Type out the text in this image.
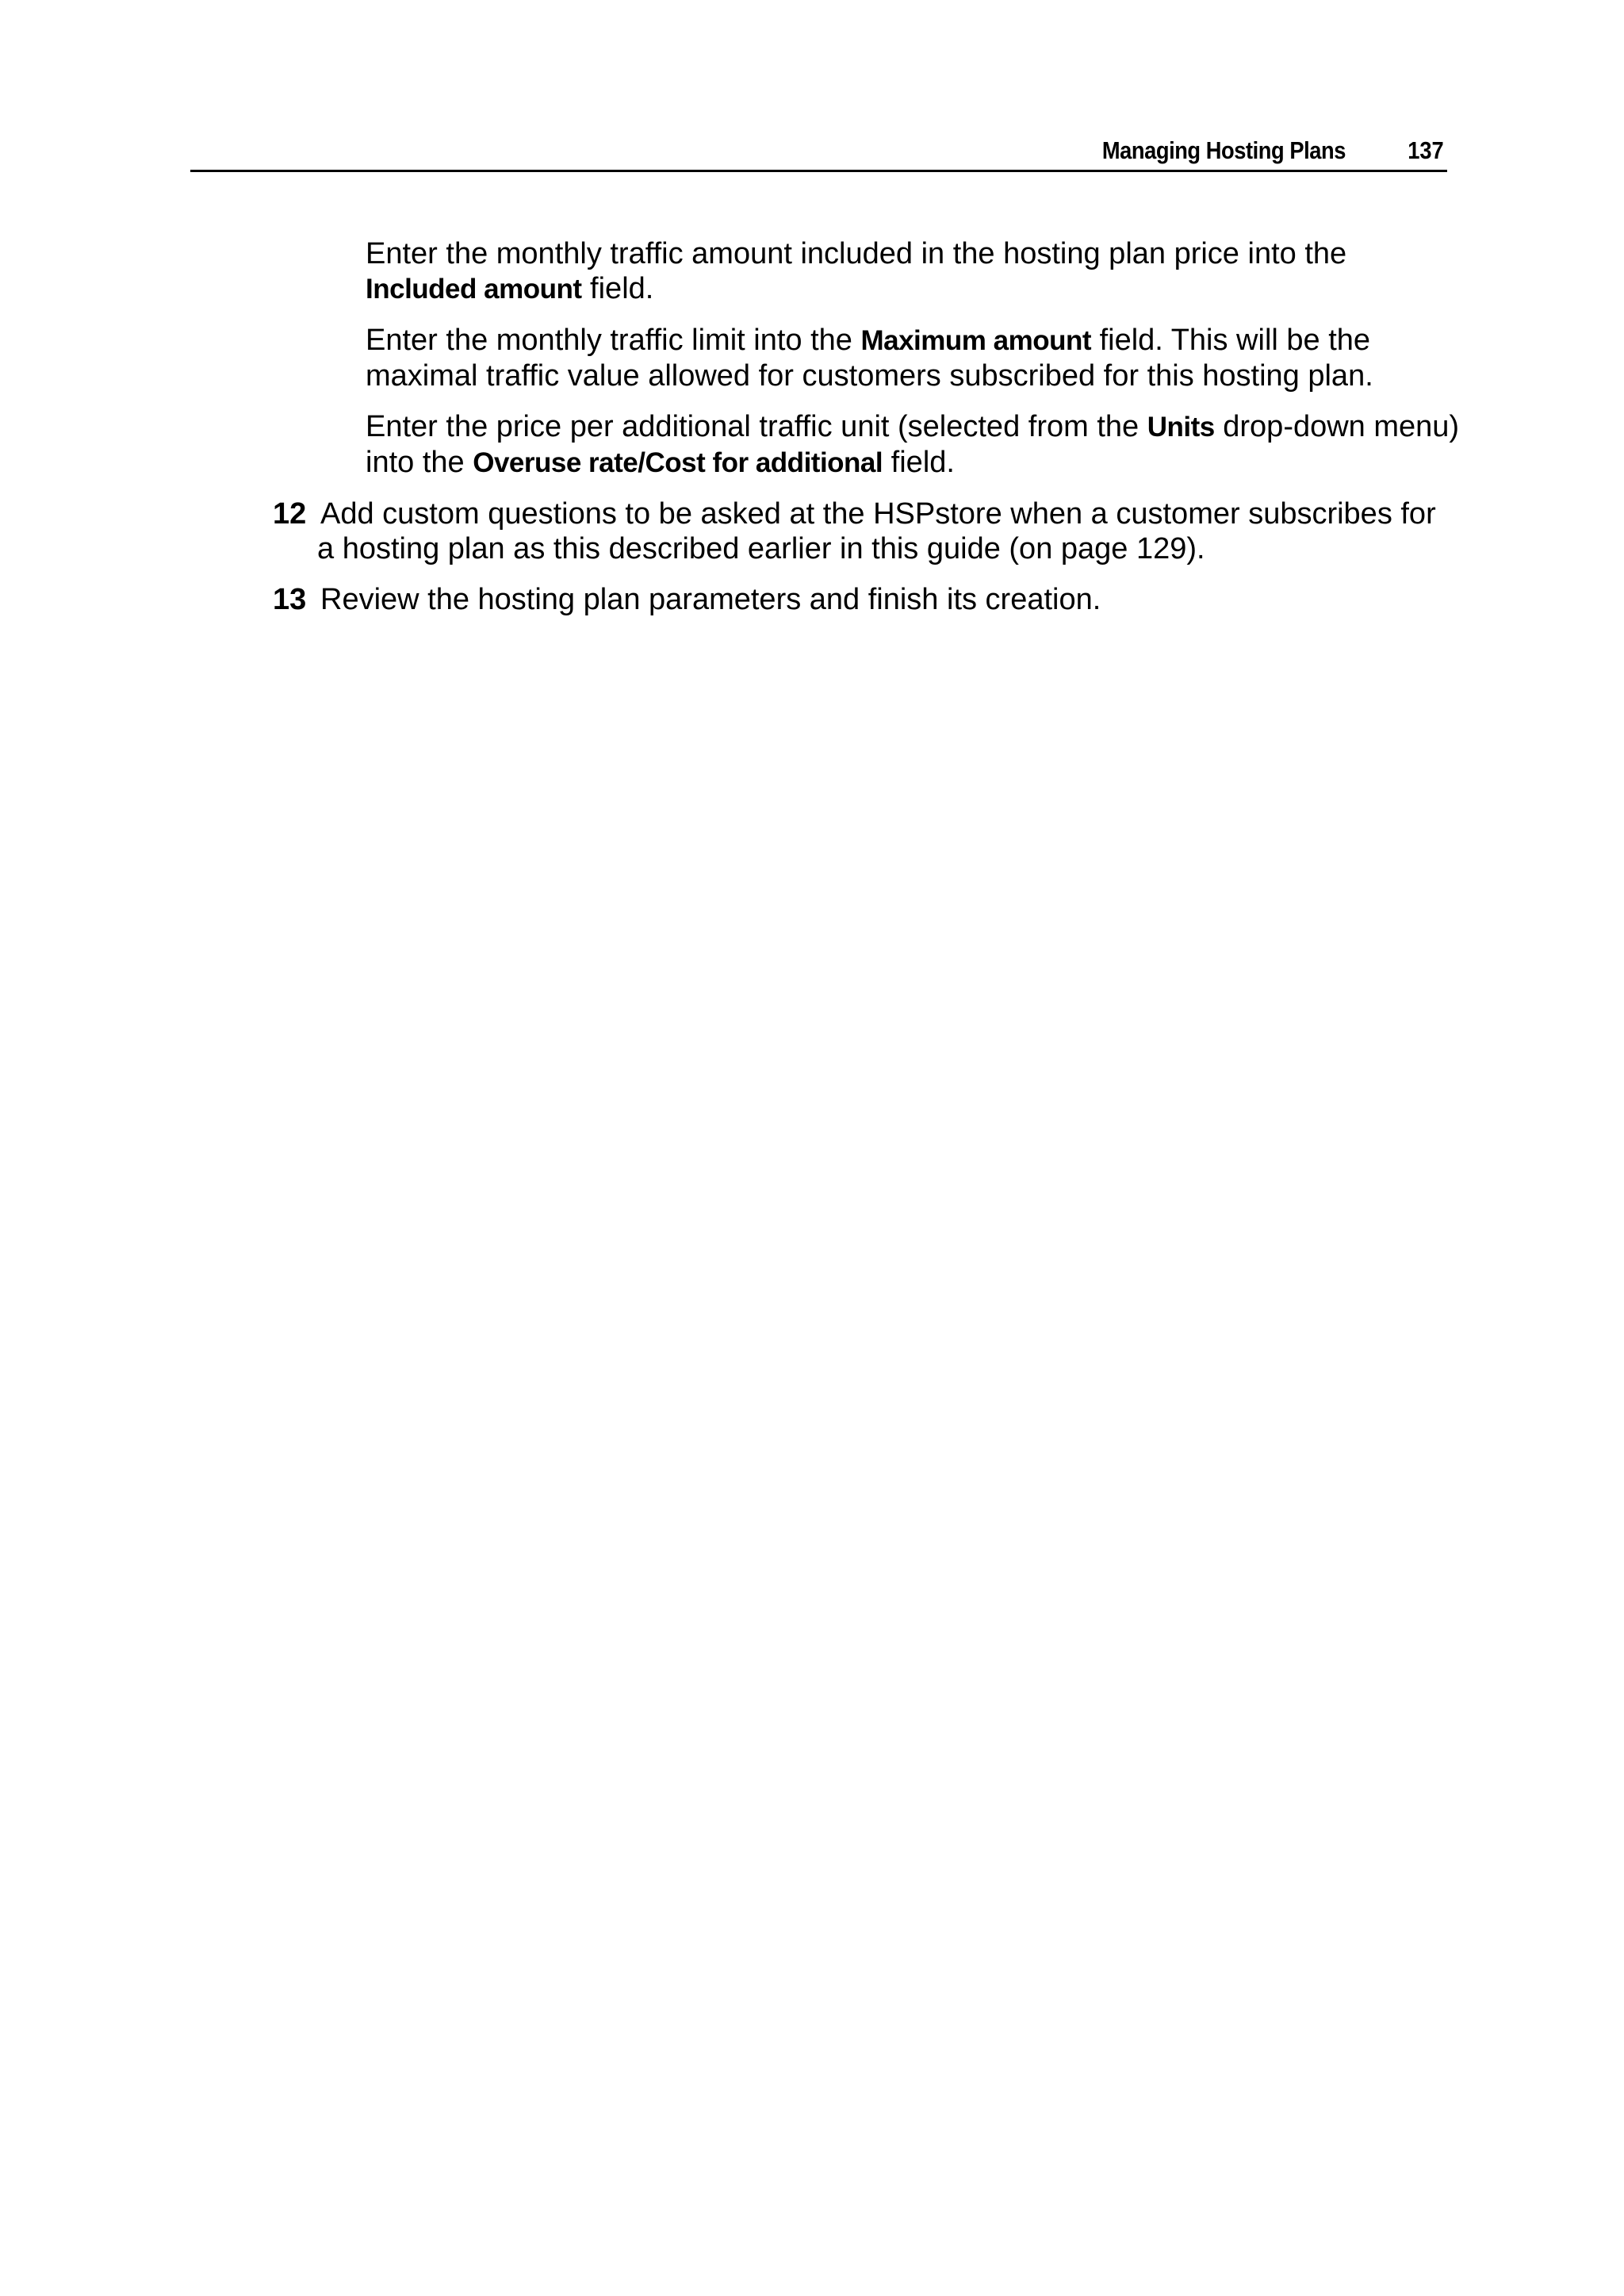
Managing Hosting Plans	137
Enter the monthly traffic amount included in the hosting plan price into the
Included amount field.
Enter the monthly traffic limit into the Maximum amount field. This will be the maximal traffic value allowed for customers subscribed for this hosting plan.
Enter the price per additional traffic unit (selected from the Units drop-down menu) into the Overuse rate/Cost for additional field.
12 Add custom questions to be asked at the HSPstore when a customer subscribes for
a hosting plan as this described earlier in this guide (on page 129).
13 Review the hosting plan parameters and finish its creation.
